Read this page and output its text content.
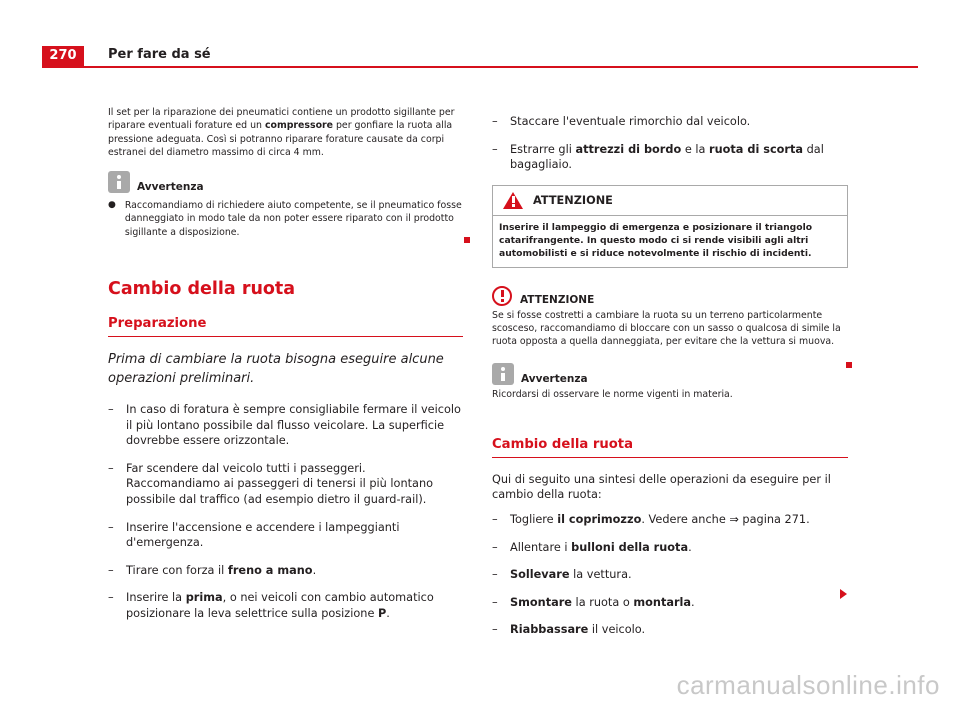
270	Per fare da sé

Il set per la riparazione dei pneumatici contiene un prodotto sigillante per riparare eventuali forature ed un compressore per gonfiare la ruota alla pressione adeguata. Così si potranno riparare forature causate da corpi estranei del diametro massimo di circa 4 mm.

Avvertenza
● Raccomandiamo di richiedere aiuto competente, se il pneumatico fosse danneggiato in modo tale da non poter essere riparato con il prodotto sigillante a disposizione.
Cambio della ruota
Preparazione

Prima di cambiare la ruota bisogna eseguire alcune operazioni preliminari.

–	In caso di foratura è sempre consigliabile fermare il veicolo il più lontano possibile dal flusso veicolare. La superficie dovrebbe essere orizzontale.
–	Far scendere dal veicolo tutti i passeggeri. Raccomandiamo ai passeggeri di tenersi il più lontano possibile dal traffico (ad esempio dietro il guard-rail).
–	Inserire l'accensione e accendere i lampeggianti d'emergenza.
–	Tirare con forza il freno a mano.
–	Inserire la prima, o nei veicoli con cambio automatico posizionare la leva selettrice sulla posizione P.
–	Staccare l'eventuale rimorchio dal veicolo.
–	Estrarre gli attrezzi di bordo e la ruota di scorta dal bagagliaio.
ATTENZIONE
Inserire il lampeggio di emergenza e posizionare il triangolo catarifrangente. In questo modo ci si rende visibili agli altri automobilisti e si riduce notevolmente il rischio di incidenti.
ATTENZIONE

Se si fosse costretti a cambiare la ruota su un terreno particolarmente scosceso, raccomandiamo di bloccare con un sasso o qualcosa di simile la ruota opposta a quella danneggiata, per evitare che la vettura si muova.

Avvertenza

Ricordarsi di osservare le norme vigenti in materia.

Cambio della ruota

Qui di seguito una sintesi delle operazioni da eseguire per il cambio della ruota:

–	Togliere il coprimozzo. Vedere anche ⇒ pagina 271.
–	Allentare i bulloni della ruota.
–	Sollevare la vettura.
–	Smontare la ruota o montarla.
–	Riabbassare il veicolo.
carmanualsonline.info
